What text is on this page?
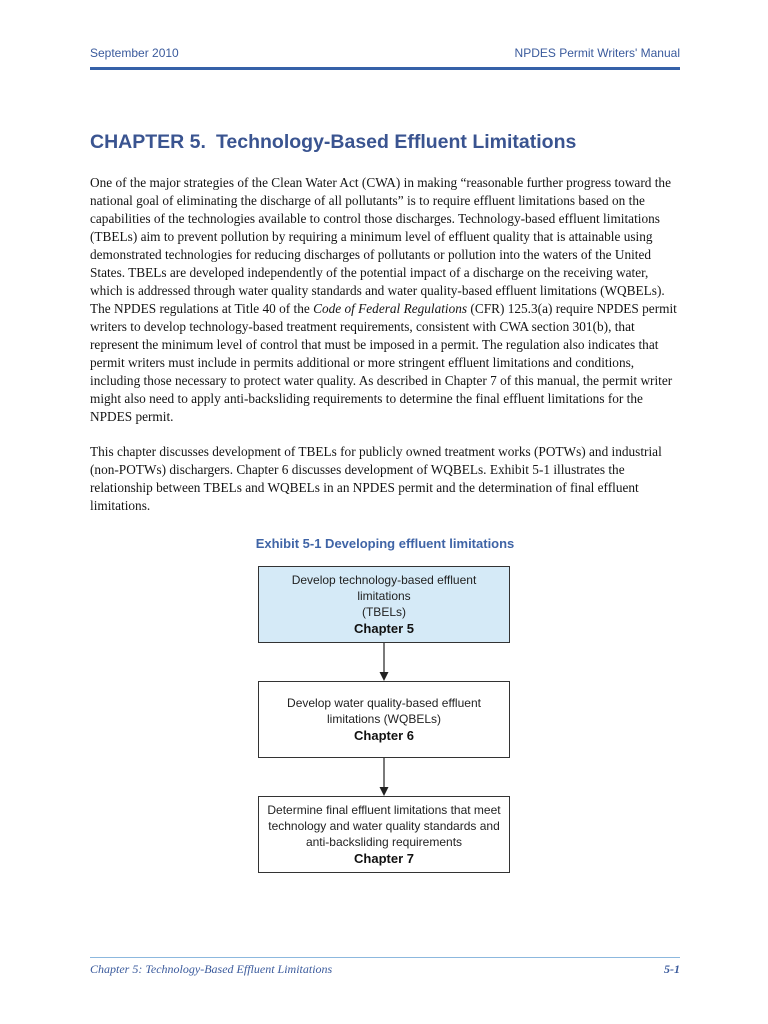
September 2010	NPDES Permit Writers' Manual
CHAPTER 5. Technology-Based Effluent Limitations

One of the major strategies of the Clean Water Act (CWA) in making “reasonable further progress toward the national goal of eliminating the discharge of all pollutants” is to require effluent limitations based on the capabilities of the technologies available to control those discharges. Technology-based effluent limitations (TBELs) aim to prevent pollution by requiring a minimum level of effluent quality that is attainable using demonstrated technologies for reducing discharges of pollutants or pollution into the waters of the United States. TBELs are developed independently of the potential impact of a discharge on the receiving water, which is addressed through water quality standards and water quality-based effluent limitations (WQBELs). The NPDES regulations at Title 40 of the Code of Federal Regulations (CFR) 125.3(a) require NPDES permit writers to develop technology-based treatment requirements, consistent with CWA section 301(b), that represent the minimum level of control that must be imposed in a permit. The regulation also indicates that permit writers must include in permits additional or more stringent effluent limitations and conditions, including those necessary to protect water quality. As described in Chapter 7 of this manual, the permit writer might also need to apply anti-backsliding requirements to determine the final effluent limitations for the NPDES permit.

This chapter discusses development of TBELs for publicly owned treatment works (POTWs) and industrial (non-POTWs) dischargers. Chapter 6 discusses development of WQBELs. Exhibit 5-1 illustrates the relationship between TBELs and WQBELs in an NPDES permit and the determination of final effluent limitations.

Exhibit 5-1 Developing effluent limitations
Develop technology-based effluent limitations
(TBELs)
Chapter 5
Develop water quality-based effluent
limitations (WQBELs)
Chapter 6
Determine final effluent limitations that meet
technology and water quality standards and
anti-backsliding requirements
Chapter 7
Chapter 5: Technology-Based Effluent Limitations	5-1
